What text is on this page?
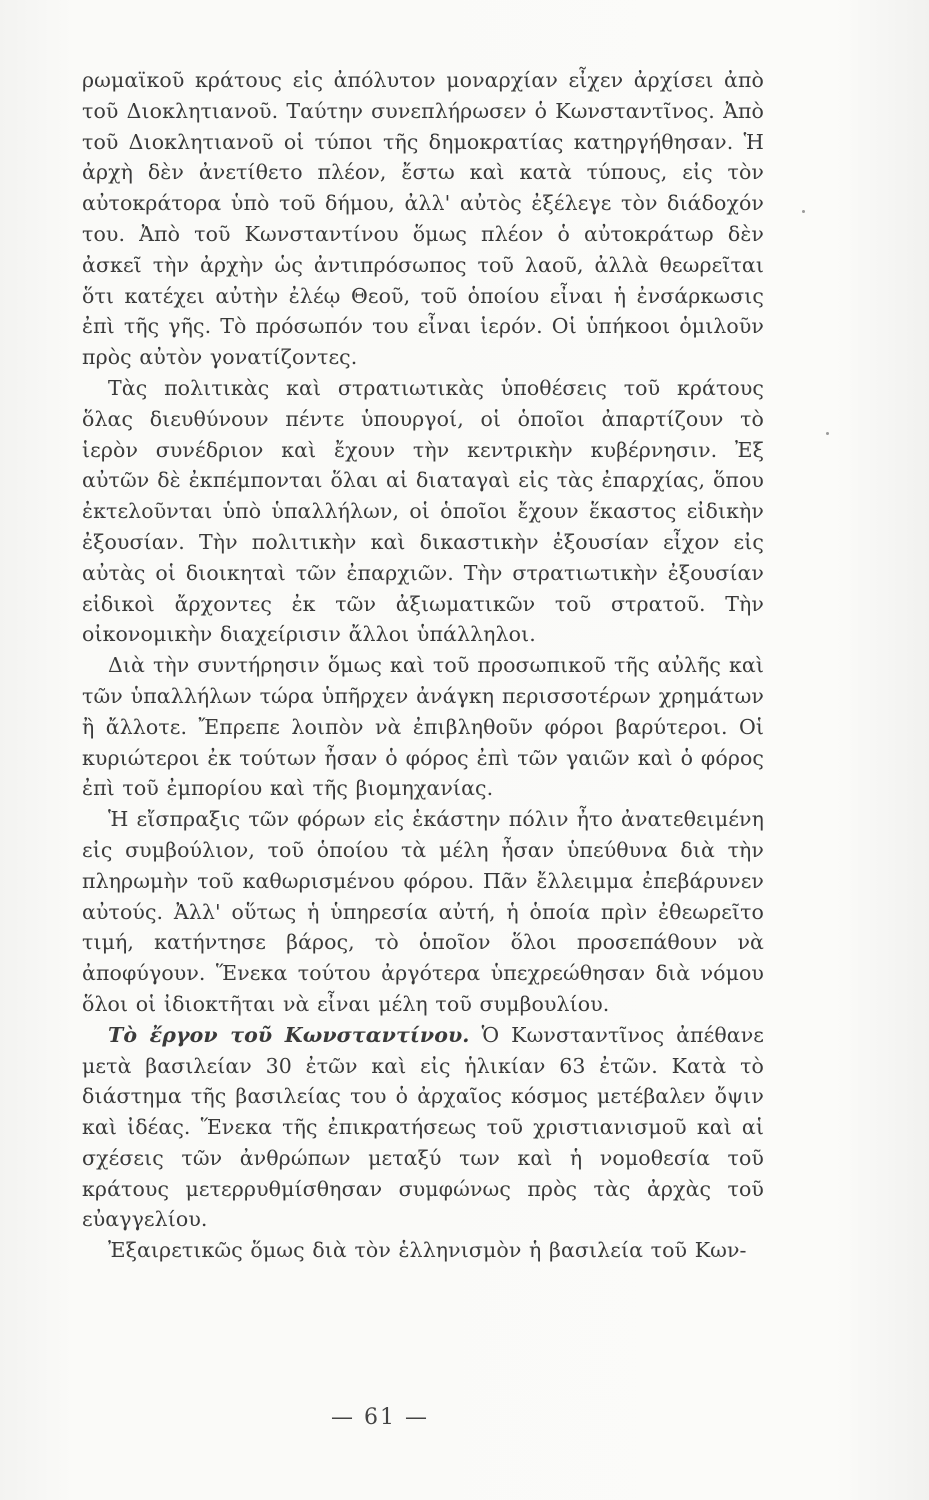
ρωμαϊκοῦ κράτους εἰς ἀπόλυτον μοναρχίαν εἶχεν ἀρχίσει ἀπὸ τοῦ Διοκλητιανοῦ. Ταύτην συνεπλήρωσεν ὁ Κωνσταντῖνος. Ἀπὸ τοῦ Διοκλητιανοῦ οἱ τύποι τῆς δημοκρατίας κατηργήθησαν. Ἡ ἀρχὴ δὲν ἀνετίθετο πλέον, ἔστω καὶ κατὰ τύπους, εἰς τὸν αὐτοκράτορα ὑπὸ τοῦ δήμου, ἀλλ' αὐτὸς ἐξέλεγε τὸν διάδοχόν του. Ἀπὸ τοῦ Κωνσταντίνου ὅμως πλέον ὁ αὐτοκράτωρ δὲν ἀσκεῖ τὴν ἀρχὴν ὡς ἀντιπρόσωπος τοῦ λαοῦ, ἀλλὰ θεωρεῖται ὅτι κατέχει αὐτὴν ἐλέῳ Θεοῦ, τοῦ ὁποίου εἶναι ἡ ἐνσάρκωσις ἐπὶ τῆς γῆς. Τὸ πρόσωπόν του εἶναι ἱερόν. Οἱ ὑπήκοοι ὁμιλοῦν πρὸς αὐτὸν γονατίζοντες.

Τὰς πολιτικὰς καὶ στρατιωτικὰς ὑποθέσεις τοῦ κράτους ὅλας διευθύνουν πέντε ὑπουργοί, οἱ ὁποῖοι ἀπαρτίζουν τὸ ἱερὸν συνέδριον καὶ ἔχουν τὴν κεντρικὴν κυβέρνησιν. Ἐξ αὐτῶν δὲ ἐκπέμπονται ὅλαι αἱ διαταγαὶ εἰς τὰς ἐπαρχίας, ὅπου ἐκτελοῦνται ὑπὸ ὑπαλλήλων, οἱ ὁποῖοι ἔχουν ἕκαστος εἰδικὴν ἐξουσίαν. Τὴν πολιτικὴν καὶ δικαστικὴν ἐξουσίαν εἶχον εἰς αὐτὰς οἱ διοικηταὶ τῶν ἐπαρχιῶν. Τὴν στρατιωτικὴν ἐξουσίαν εἰδικοὶ ἄρχοντες ἐκ τῶν ἀξιωματικῶν τοῦ στρατοῦ. Τὴν οἰκονομικὴν διαχείρισιν ἄλλοι ὑπάλληλοι.

Διὰ τὴν συντήρησιν ὅμως καὶ τοῦ προσωπικοῦ τῆς αὐλῆς καὶ τῶν ὑπαλλήλων τώρα ὑπῆρχεν ἀνάγκη περισσοτέρων χρημάτων ἢ ἄλλοτε. Ἔπρεπε λοιπὸν νὰ ἐπιβληθοῦν φόροι βαρύτεροι. Οἱ κυριώτεροι ἐκ τούτων ἦσαν ὁ φόρος ἐπὶ τῶν γαιῶν καὶ ὁ φόρος ἐπὶ τοῦ ἐμπορίου καὶ τῆς βιομηχανίας.

Ἡ εἴσπραξις τῶν φόρων εἰς ἑκάστην πόλιν ἦτο ἀνατεθειμένη εἰς συμβούλιον, τοῦ ὁποίου τὰ μέλη ἦσαν ὑπεύθυνα διὰ τὴν πληρωμὴν τοῦ καθωρισμένου φόρου. Πᾶν ἔλλειμμα ἐπεβάρυνεν αὐτούς. Ἀλλ' οὕτως ἡ ὑπηρεσία αὐτή, ἡ ὁποία πρὶν ἐθεωρεῖτο τιμή, κατήντησε βάρος, τὸ ὁποῖον ὅλοι προσεπάθουν νὰ ἀποφύγουν. Ἕνεκα τούτου ἀργότερα ὑπεχρεώθησαν διὰ νόμου ὅλοι οἱ ἰδιοκτῆται νὰ εἶναι μέλη τοῦ συμβουλίου.

Τὸ ἔργον τοῦ Κωνσταντίνου. Ὁ Κωνσταντῖνος ἀπέθανε μετὰ βασιλείαν 30 ἐτῶν καὶ εἰς ἡλικίαν 63 ἐτῶν. Κατὰ τὸ διάστημα τῆς βασιλείας του ὁ ἀρχαῖος κόσμος μετέβαλεν ὄψιν καὶ ἰδέας. Ἕνεκα τῆς ἐπικρατήσεως τοῦ χριστιανισμοῦ καὶ αἱ σχέσεις τῶν ἀνθρώπων μεταξύ των καὶ ἡ νομοθεσία τοῦ κράτους μετερρυθμίσθησαν συμφώνως πρὸς τὰς ἀρχὰς τοῦ εὐαγγελίου.

Ἐξαιρετικῶς ὅμως διὰ τὸν ἑλληνισμὸν ἡ βασιλεία τοῦ Κων-

— 61 —
